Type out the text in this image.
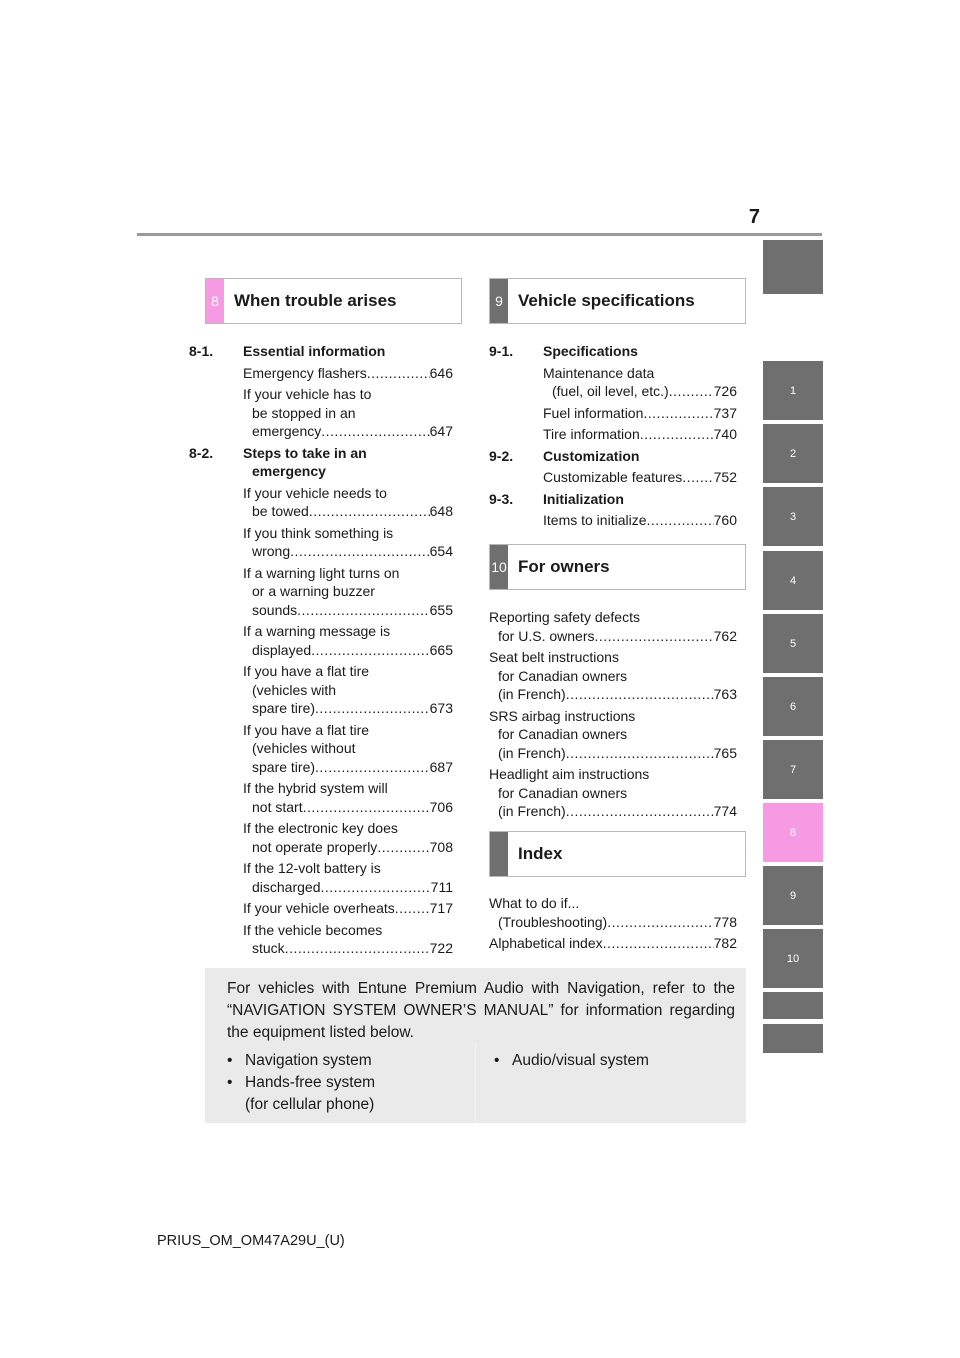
7
1
2
3
4
5
6
7
8
9
10
8 When trouble arises
8-1. Essential information
Emergency flashers .....	646
If your vehicle has to
be stopped in an
emergency .....	647
8-2. Steps to take in an
emergency
If your vehicle needs to
be towed .....	648
If you think something is
wrong .....	654
If a warning light turns on
or a warning buzzer
sounds .....	655
If a warning message is
displayed .....	665
If you have a flat tire
(vehicles with
spare tire) .....	673
If you have a flat tire
(vehicles without
spare tire) .....	687
If the hybrid system will
not start .....	706
If the electronic key does
not operate properly .....	708
If the 12-volt battery is
discharged .....	711
If your vehicle overheats ..... 717
If the vehicle becomes
stuck .....	722
9 Vehicle specifications
9-1. Specifications
Maintenance data
(fuel, oil level, etc.) .....	726
Fuel information .....	737
Tire information .....	740
9-2. Customization
Customizable features ..... 752
9-3. Initialization
Items to initialize .....	760
10 For owners
Reporting safety defects
for U.S. owners .....	762
Seat belt instructions
for Canadian owners
(in French) .....	763
SRS airbag instructions
for Canadian owners
(in French) .....	765
Headlight aim instructions
for Canadian owners
(in French) .....	774
Index
What to do if...
(Troubleshooting) .....	778
Alphabetical index .....	782
For vehicles with Entune Premium Audio with Navigation, refer to the “NAVIGATION SYSTEM OWNER’S MANUAL” for information regarding the equipment listed below.
• Navigation system
• Hands-free system
(for cellular phone)
• Audio/visual system
PRIUS_OM_OM47A29U_(U)
